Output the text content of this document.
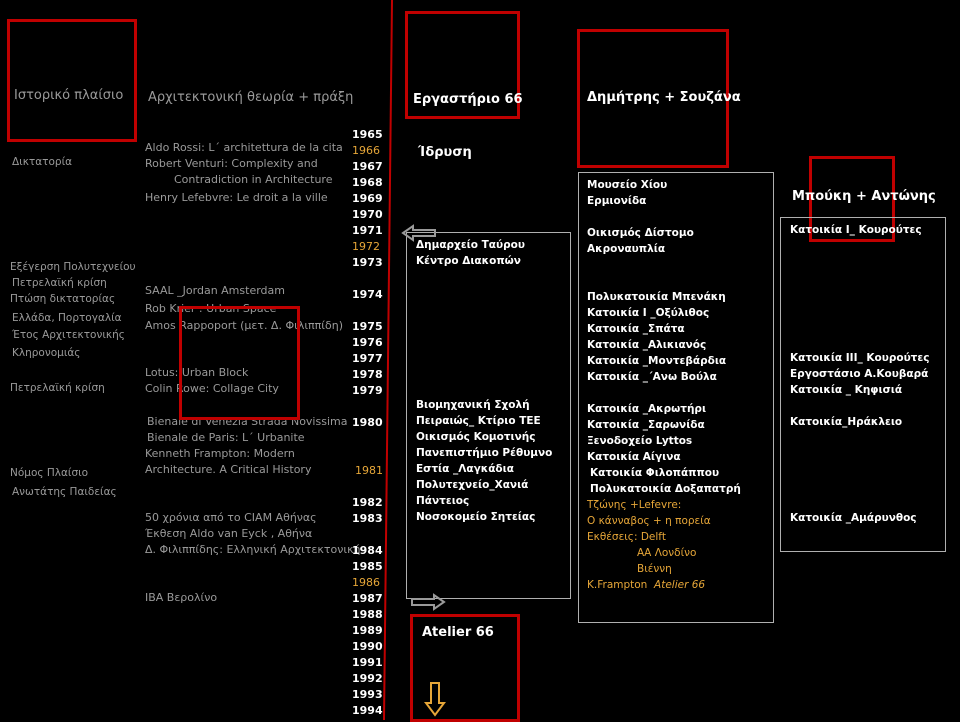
Ιστορικό πλαίσιο Αρχιτεκτονική θεωρία + πράξη
Δικτατορία
Εξέγερση Πολυτεχνείου
Πετρελαϊκή κρίση
Πτώση δικτατορίας
Ελλάδα, Πορτογαλία
Έτος Αρχιτεκτονικής
Κληρονομιάς
Πετρελαϊκή κρίση
Νόμος Πλαίσιο
Ανωτάτης Παιδείας
Aldo Rossi: L΄ architettura de la cita
Robert Venturi: Complexity and
Contradiction in Architecture
Henry Lefebvre: Le droit a la ville
SAAL _Jordan Amsterdam
Rob Krier : Urban Space
Amos Rappoport (μετ. Δ. Φιλιππίδη)
Lotus: Urban Block
Colin Rowe: Collage City
Bienale di Venezia Strada Novissima
Bienale de Paris: L΄ Urbanite
Kenneth Frampton: Modern
Architecture. A Critical History
50 χρόνια από το CIAM Αθήνας
Έκθεση Aldo van Eyck , Αθήνα
Δ. Φιλιππίδης: Ελληνική Αρχιτεκτονική
IBA Βερολίνο
1965
1966
1967
1968
1969
1970
1971
1972
1973
1974
1975
1976
1977
1978
1979
1980
1981
1982
1983
1984
1985
1986
1987
1988
1989
1990
1991
1992
1993
1994
Εργαστήριο 66
Ίδρυση
Δημαρχείο Ταύρου
Κέντρο Διακοπών
Βιομηχανική Σχολή
Πειραιώς_ Κτίριο ΤΕΕ
Οικισμός Κομοτινής
Πανεπιστήμιο Ρέθυμνο
Εστία _Λαγκάδια
Πολυτεχνείο_Χανιά
Πάντειος
Νοσοκομείο Σητείας
Atelier 66
Δημήτρης + Σουζάνα
Μουσείο Χίου
Ερμιονίδα
Οικισμός Δίστομο
Ακροναυπλία
Πολυκατοικία Μπενάκη
Κατοικία Ι _Οξύλιθος
Κατοικία _Σπάτα
Κατοικία _Αλικιανός
Κατοικία _Μοντεβάρδια
Κατοικία _΄Ανω Βούλα
Κατοικία _Ακρωτήρι
Κατοικία _Σαρωνίδα
Ξενοδοχείο Lyttos
Κατοικία Αίγινα
Κατοικία Φιλοπάππου
Πολυκατοικία Δοξαπατρή
Τζώνης +Lefevre:
Ο κάνναβος + η πορεία
Εκθέσεις: Delft
ΑΑ Λονδίνο
Βιέννη
K.Frampton Atelier 66
Μπούκη + Αντώνης
Κατοικία I_ Κουρούτες
Κατοικία ΙΙΙ_ Κουρούτες
Εργοστάσιο Α.Κουβαρά
Κατοικία _ Κηφισιά
Κατοικία_Ηράκλειο
Κατοικία _Αμάρυνθος
